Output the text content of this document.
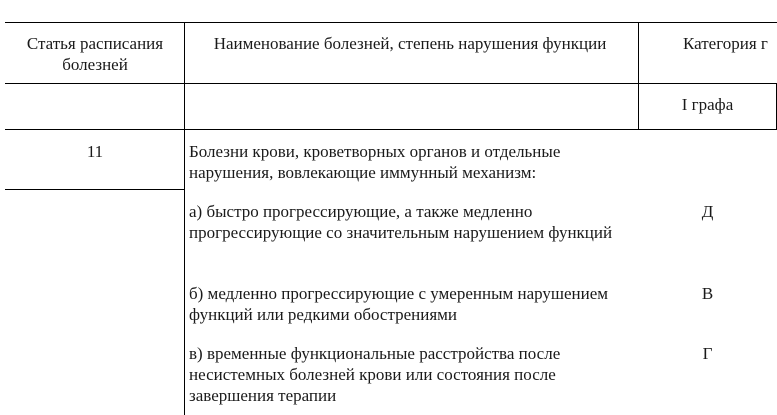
Статья расписания болезней
Наименование болезней, степень нарушения функции	Категория г
I графа
11	Болезни крови, кроветворных органов и отдельные нарушения, вовлекающие иммунный механизм:
а) быстро прогрессирующие, а также медленно прогрессирующие со значительным нарушением функций
Д
б) медленно прогрессирующие с умеренным нарушением функций или редкими обострениями
В
в) временные функциональные расстройства после несистемных болезней крови или состояния после завершения терапии
Г
